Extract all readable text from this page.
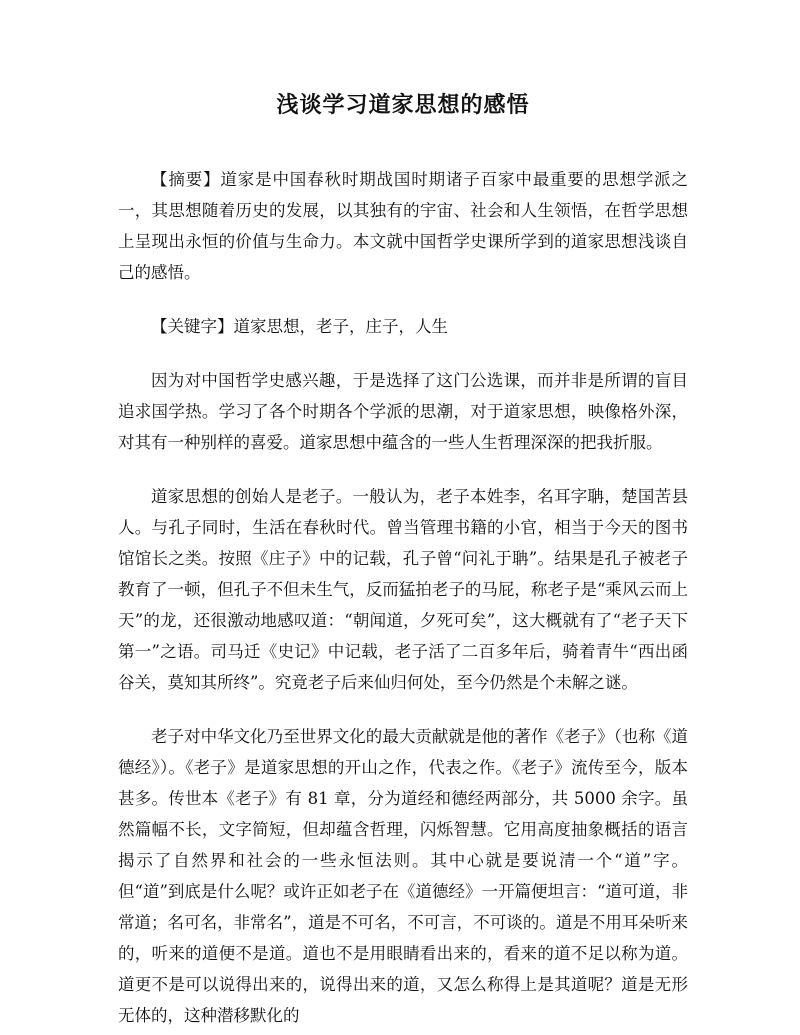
浅谈学习道家思想的感悟

【摘要】道家是中国春秋时期战国时期诸子百家中最重要的思想学派之一，其思想随着历史的发展，以其独有的宇宙、社会和人生领悟，在哲学思想上呈现出永恒的价值与生命力。本文就中国哲学史课所学到的道家思想浅谈自己的感悟。

【关键字】道家思想，老子，庄子，人生

因为对中国哲学史感兴趣，于是选择了这门公选课，而并非是所谓的盲目追求国学热。学习了各个时期各个学派的思潮，对于道家思想，映像格外深，对其有一种别样的喜爱。道家思想中蕴含的一些人生哲理深深的把我折服。

道家思想的创始人是老子。一般认为，老子本姓李，名耳字聃，楚国苦县人。与孔子同时，生活在春秋时代。曾当管理书籍的小官，相当于今天的图书馆馆长之类。按照《庄子》中的记载，孔子曾“问礼于聃”。结果是孔子被老子教育了一顿，但孔子不但未生气，反而猛拍老子的马屁，称老子是“乘风云而上天”的龙，还很激动地感叹道：“朝闻道，夕死可矣”，这大概就有了“老子天下第一”之语。司马迁《史记》中记载，老子活了二百多年后，骑着青牛“西出函谷关，莫知其所终”。究竟老子后来仙归何处，至今仍然是个未解之谜。

老子对中华文化乃至世界文化的最大贡献就是他的著作《老子》（也称《道德经》）。《老子》是道家思想的开山之作，代表之作。《老子》流传至今，版本甚多。传世本《老子》有 81 章，分为道经和德经两部分，共 5000 余字。虽然篇幅不长，文字简短，但却蕴含哲理，闪烁智慧。它用高度抽象概括的语言揭示了自然界和社会的一些永恒法则。其中心就是要说清一个“道”字。但“道”到底是什么呢？或许正如老子在《道德经》一开篇便坦言：“道可道，非常道；名可名，非常名”，道是不可名，不可言，不可谈的。道是不用耳朵听来的，听来的道便不是道。道也不是用眼睛看出来的，看来的道不足以称为道。道更不是可以说得出来的，说得出来的道，又怎么称得上是其道呢？道是无形无体的，这种潜移默化的
